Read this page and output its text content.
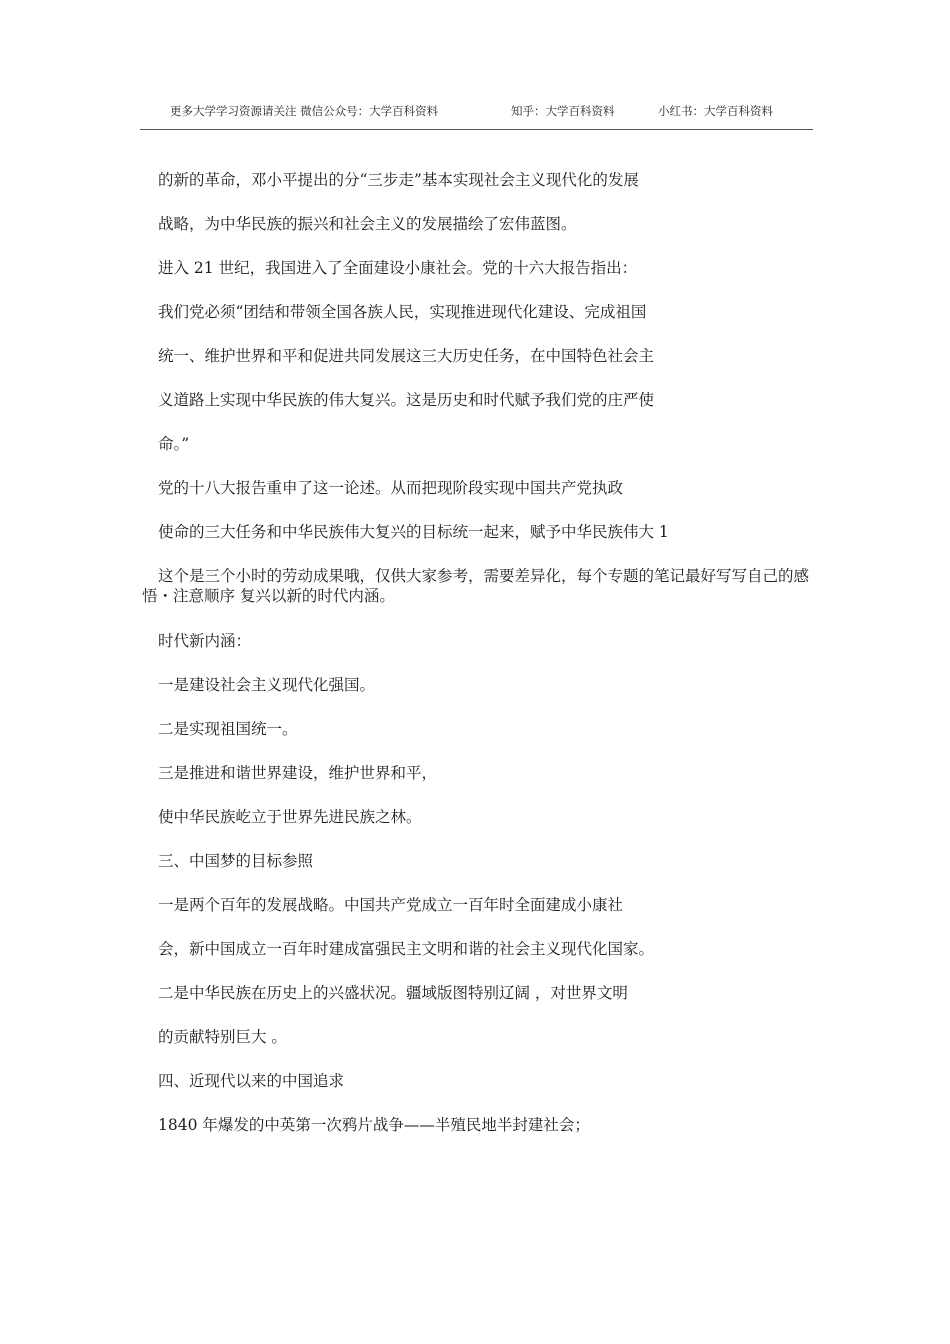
更多大学学习资源请关注 微信公众号：大学百科资料	知乎：大学百科资料	小红书：大学百科资料
的新的革命，邓小平提出的分“三步走”基本实现社会主义现代化的发展
战略，为中华民族的振兴和社会主义的发展描绘了宏伟蓝图。
进入 21 世纪，我国进入了全面建设小康社会。党的十六大报告指出：
我们党必须“团结和带领全国各族人民，实现推进现代化建设、完成祖国
统一、维护世界和平和促进共同发展这三大历史任务，在中国特色社会主
义道路上实现中华民族的伟大复兴。这是历史和时代赋予我们党的庄严使
命。”
党的十八大报告重申了这一论述。从而把现阶段实现中国共产党执政
使命的三大任务和中华民族伟大复兴的目标统一起来，赋予中华民族伟大 1
这个是三个小时的劳动成果哦，仅供大家参考，需要差异化，每个专题的笔记最好写写自己的感悟・注意顺序 复兴以新的时代内涵。
时代新内涵：
一是建设社会主义现代化强国。
二是实现祖国统一。
三是推进和谐世界建设，维护世界和平，
使中华民族屹立于世界先进民族之林。
三、中国梦的目标参照
一是两个百年的发展战略。中国共产党成立一百年时全面建成小康社
会，新中国成立一百年时建成富强民主文明和谐的社会主义现代化国家。
二是中华民族在历史上的兴盛状况。疆域版图特别辽阔 ，对世界文明
的贡献特别巨大 。
四、近现代以来的中国追求
1840 年爆发的中英第一次鸦片战争——半殖民地半封建社会；
